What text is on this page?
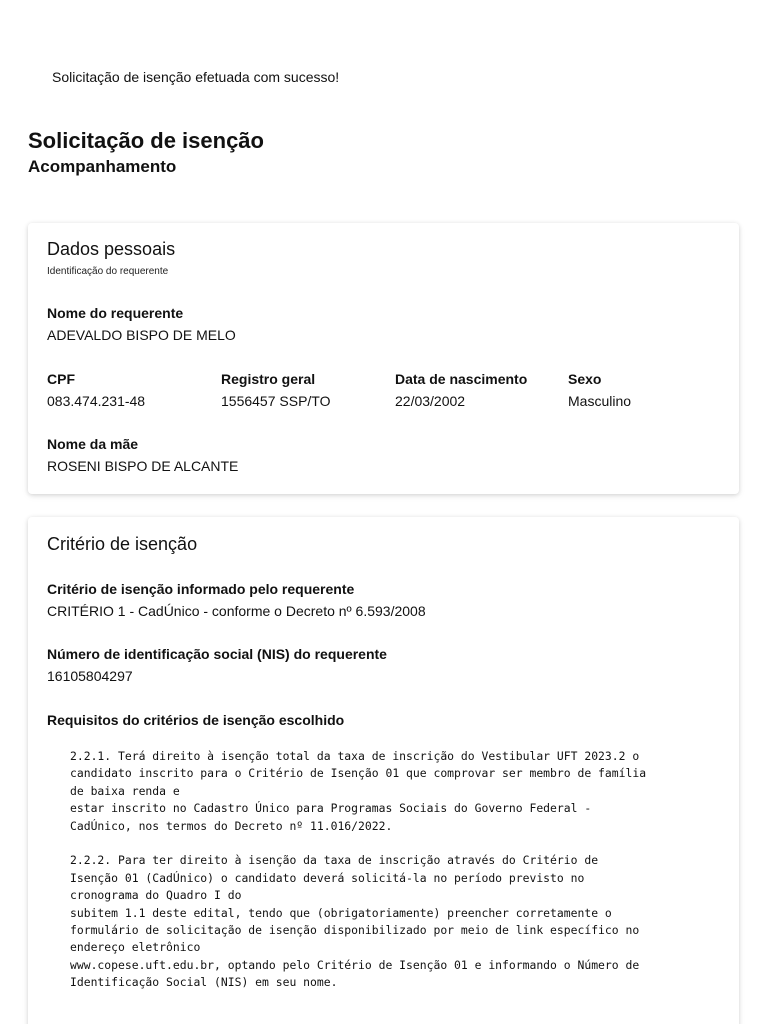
Solicitação de isenção efetuada com sucesso!
Solicitação de isenção
Acompanhamento
Dados pessoais
Identificação do requerente
Nome do requerente
ADEVALDO BISPO DE MELO
CPF
083.474.231-48
Registro geral
1556457 SSP/TO
Data de nascimento
22/03/2002
Sexo
Masculino
Nome da mãe
ROSENI BISPO DE ALCANTE
Critério de isenção
Critério de isenção informado pelo requerente
CRITÉRIO 1 - CadÚnico - conforme o Decreto nº 6.593/2008
Número de identificação social (NIS) do requerente
16105804297
Requisitos do critérios de isenção escolhido
2.2.1. Terá direito à isenção total da taxa de inscrição do Vestibular UFT 2023.2 o
candidato inscrito para o Critério de Isenção 01 que comprovar ser membro de família
de baixa renda e
estar inscrito no Cadastro Único para Programas Sociais do Governo Federal -
CadÚnico, nos termos do Decreto nº 11.016/2022.

2.2.2. Para ter direito à isenção da taxa de inscrição através do Critério de
Isenção 01 (CadÚnico) o candidato deverá solicitá-la no período previsto no
cronograma do Quadro I do
subitem 1.1 deste edital, tendo que (obrigatoriamente) preencher corretamente o
formulário de solicitação de isenção disponibilizado por meio de link específico no
endereço eletrônico
www.copese.uft.edu.br, optando pelo Critério de Isenção 01 e informando o Número de
Identificação Social (NIS) em seu nome.
